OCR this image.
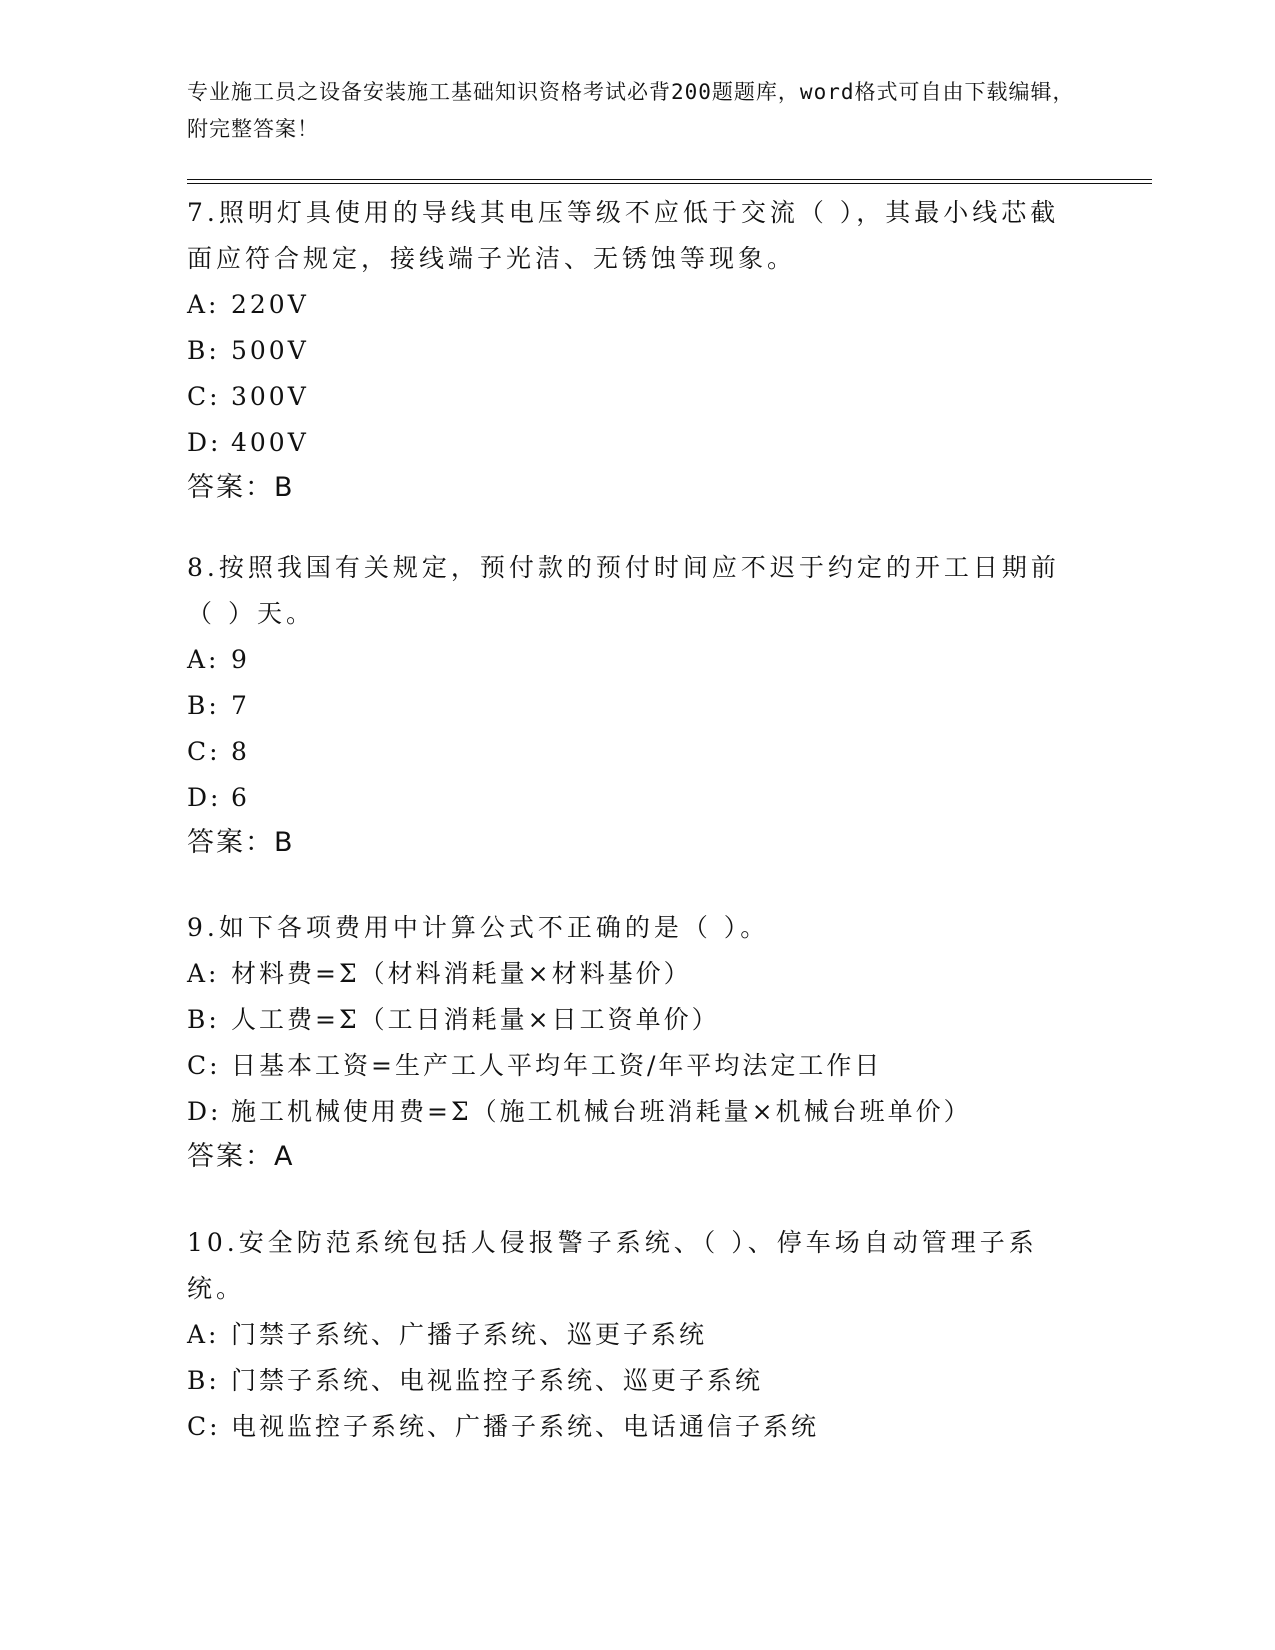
专业施工员之设备安装施工基础知识资格考试必背200题题库，word格式可自由下载编辑，附完整答案！

7.照明灯具使用的导线其电压等级不应低于交流（ ），其最小线芯截面应符合规定，接线端子光洁、无锈蚀等现象。

A: 220V

B: 500V

C: 300V

D: 400V

答案：B

8.按照我国有关规定，预付款的预付时间应不迟于约定的开工日期前（ ）天。

A: 9

B: 7

C: 8

D: 6

答案：B

9.如下各项费用中计算公式不正确的是（ ）。

A: 材料费=Σ（材料消耗量×材料基价）

B: 人工费=Σ（工日消耗量×日工资单价）

C: 日基本工资=生产工人平均年工资/年平均法定工作日

D: 施工机械使用费=Σ（施工机械台班消耗量×机械台班单价）

答案：A

10.安全防范系统包括人侵报警子系统、（ ）、停车场自动管理子系统。

A: 门禁子系统、广播子系统、巡更子系统

B: 门禁子系统、电视监控子系统、巡更子系统

C: 电视监控子系统、广播子系统、电话通信子系统
